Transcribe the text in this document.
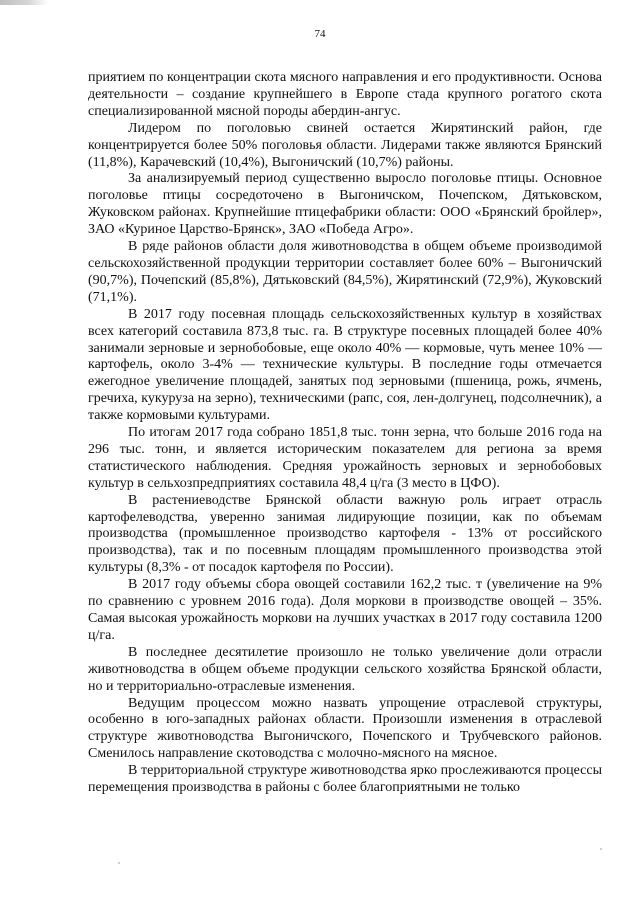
74

приятием по концентрации скота мясного направления и его продуктивности. Основа деятельности – создание крупнейшего в Европе стада крупного рогатого скота специализированной мясной породы абердин-ангус.

Лидером по поголовью свиней остается Жирятинский район, где концентрируется более 50% поголовья области. Лидерами также являются Брянский (11,8%), Карачевский (10,4%), Выгоничский (10,7%) районы.

За анализируемый период существенно выросло поголовье птицы. Основное поголовье птицы сосредоточено в Выгоничском, Почепском, Дятьковском, Жуковском районах. Крупнейшие птицефабрики области: ООО «Брянский бройлер», ЗАО «Куриное Царство-Брянск», ЗАО «Победа Агро».

В ряде районов области доля животноводства в общем объеме производимой сельскохозяйственной продукции территории составляет более 60% – Выгоничский (90,7%), Почепский (85,8%), Дятьковский (84,5%), Жирятинский (72,9%), Жуковский (71,1%).

В 2017 году посевная площадь сельскохозяйственных культур в хозяйствах всех категорий составила 873,8 тыс. га. В структуре посевных площадей более 40% занимали зерновые и зернобобовые, еще около 40% — кормовые, чуть менее 10% — картофель, около 3-4% — технические культуры. В последние годы отмечается ежегодное увеличение площадей, занятых под зерновыми (пшеница, рожь, ячмень, гречиха, кукуруза на зерно), техническими (рапс, соя, лен-долгунец, подсолнечник), а также кормовыми культурами.

По итогам 2017 года собрано 1851,8 тыс. тонн зерна, что больше 2016 года на 296 тыс. тонн, и является историческим показателем для региона за время статистического наблюдения. Средняя урожайность зерновых и зернобобовых культур в сельхозпредприятиях составила 48,4 ц/га (3 место в ЦФО).

В растениеводстве Брянской области важную роль играет отрасль картофелеводства, уверенно занимая лидирующие позиции, как по объемам производства (промышленное производство картофеля - 13% от российского производства), так и по посевным площадям промышленного производства этой культуры (8,3% - от посадок картофеля по России).

В 2017 году объемы сбора овощей составили 162,2 тыс. т (увеличение на 9% по сравнению с уровнем 2016 года). Доля моркови в производстве овощей – 35%. Самая высокая урожайность моркови на лучших участках в 2017 году составила 1200 ц/га.

В последнее десятилетие произошло не только увеличение доли отрасли животноводства в общем объеме продукции сельского хозяйства Брянской области, но и территориально-отраслевые изменения.

Ведущим процессом можно назвать упрощение отраслевой структуры, особенно в юго-западных районах области. Произошли изменения в отраслевой структуре животноводства Выгоничского, Почепского и Трубчевского районов. Сменилось направление скотоводства с молочно-мясного на мясное.

В территориальной структуре животноводства ярко прослеживаются процессы перемещения производства в районы с более благоприятными не только
